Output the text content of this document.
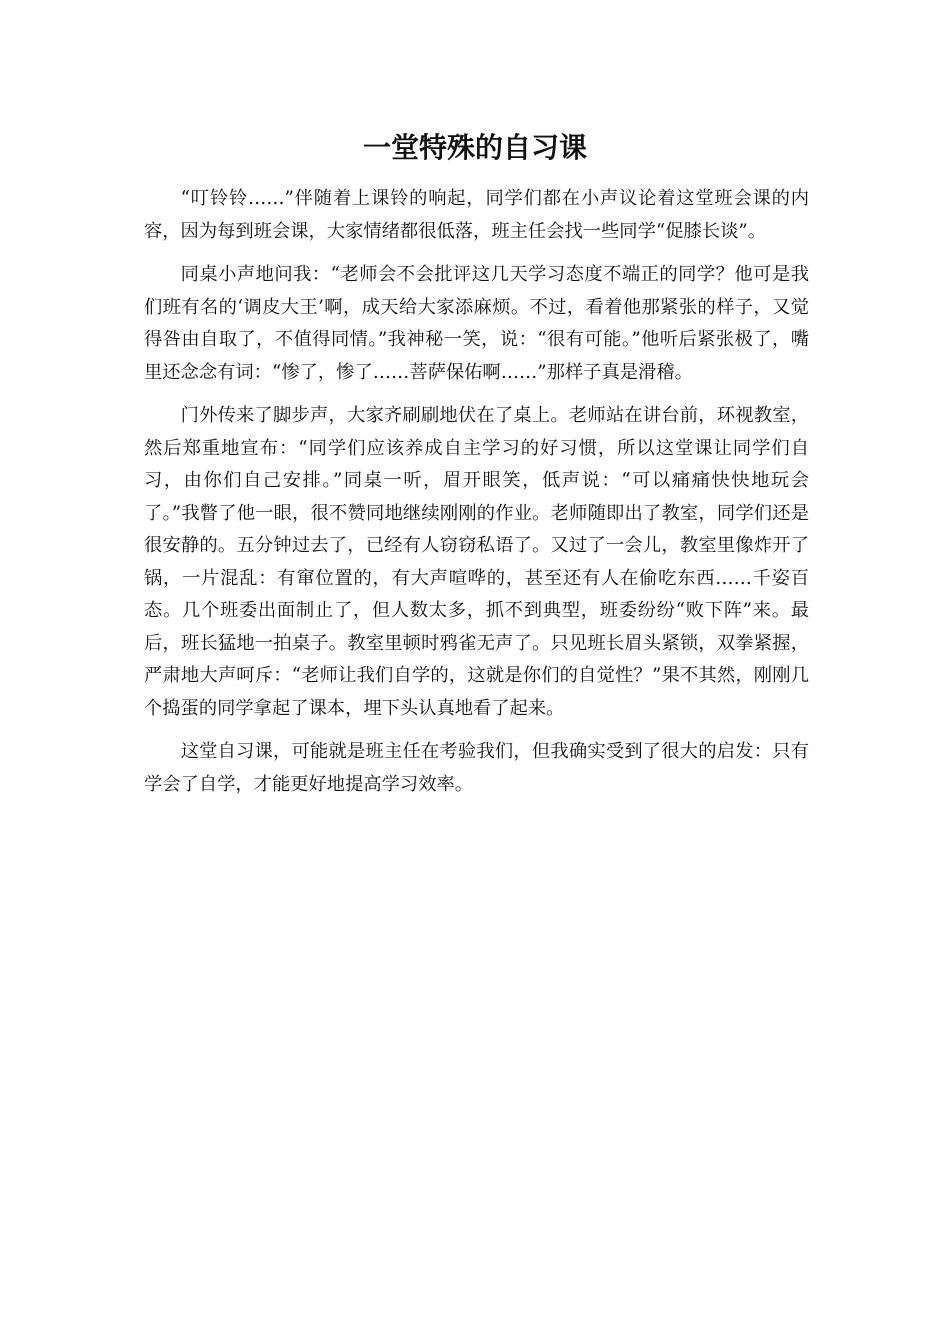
一堂特殊的自习课

“叮铃铃……”伴随着上课铃的响起，同学们都在小声议论着这堂班会课的内容，因为每到班会课，大家情绪都很低落，班主任会找一些同学“促膝长谈”。

同桌小声地问我：“老师会不会批评这几天学习态度不端正的同学？他可是我们班有名的‘调皮大王’啊，成天给大家添麻烦。不过，看着他那紧张的样子，又觉得咎由自取了，不值得同情。”我神秘一笑，说：“很有可能。”他听后紧张极了，嘴里还念念有词：“惨了，惨了……菩萨保佑啊……”那样子真是滑稽。

门外传来了脚步声，大家齐刷刷地伏在了桌上。老师站在讲台前，环视教室，然后郑重地宣布：“同学们应该养成自主学习的好习惯，所以这堂课让同学们自习，由你们自己安排。”同桌一听，眉开眼笑，低声说：“可以痛痛快快地玩会了。”我瞥了他一眼，很不赞同地继续刚刚的作业。老师随即出了教室，同学们还是很安静的。五分钟过去了，已经有人窃窃私语了。又过了一会儿，教室里像炸开了锅，一片混乱：有窜位置的，有大声喧哗的，甚至还有人在偷吃东西……千姿百态。几个班委出面制止了，但人数太多，抓不到典型，班委纷纷“败下阵”来。最后，班长猛地一拍桌子。教室里顿时鸦雀无声了。只见班长眉头紧锁，双拳紧握，严肃地大声呵斥：“老师让我们自学的，这就是你们的自觉性？”果不其然，刚刚几个捣蛋的同学拿起了课本，埋下头认真地看了起来。

这堂自习课，可能就是班主任在考验我们，但我确实受到了很大的启发：只有学会了自学，才能更好地提高学习效率。
